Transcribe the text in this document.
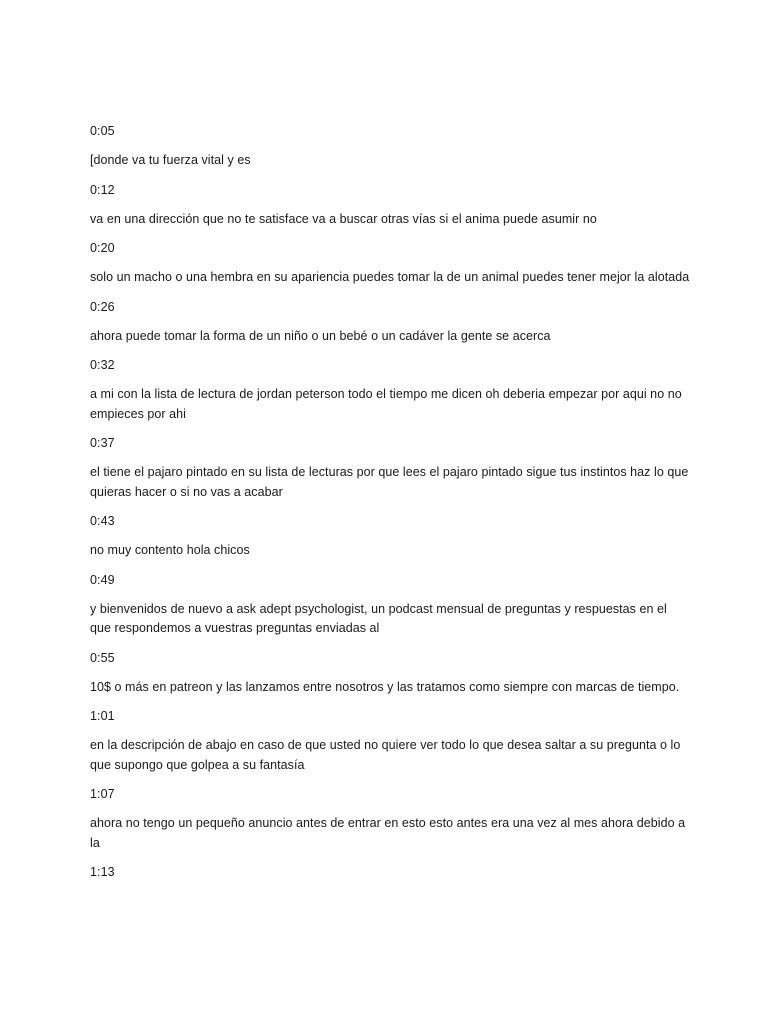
0:05

[donde va tu fuerza vital y es

0:12

va en una dirección que no te satisface va a buscar otras vías si el anima puede asumir no

0:20

solo un macho o una hembra en su apariencia puedes tomar la de un animal puedes tener mejor la alotada

0:26

ahora puede tomar la forma de un niño o un bebé o un cadáver la gente se acerca

0:32

a mi con la lista de lectura de jordan peterson todo el tiempo me dicen oh deberia empezar por aqui no no empieces por ahi

0:37

el tiene el pajaro pintado en su lista de lecturas por que lees el pajaro pintado sigue tus instintos haz lo que quieras hacer o si no vas a acabar

0:43

no muy contento hola chicos

0:49

y bienvenidos de nuevo a ask adept psychologist, un podcast mensual de preguntas y respuestas en el que respondemos a vuestras preguntas enviadas al

0:55

10$ o más en patreon y las lanzamos entre nosotros y las tratamos como siempre con marcas de tiempo.

1:01

en la descripción de abajo en caso de que usted no quiere ver todo lo que desea saltar a su pregunta o lo que supongo que golpea a su fantasía

1:07

ahora no tengo un pequeño anuncio antes de entrar en esto esto antes era una vez al mes ahora debido a la

1:13
